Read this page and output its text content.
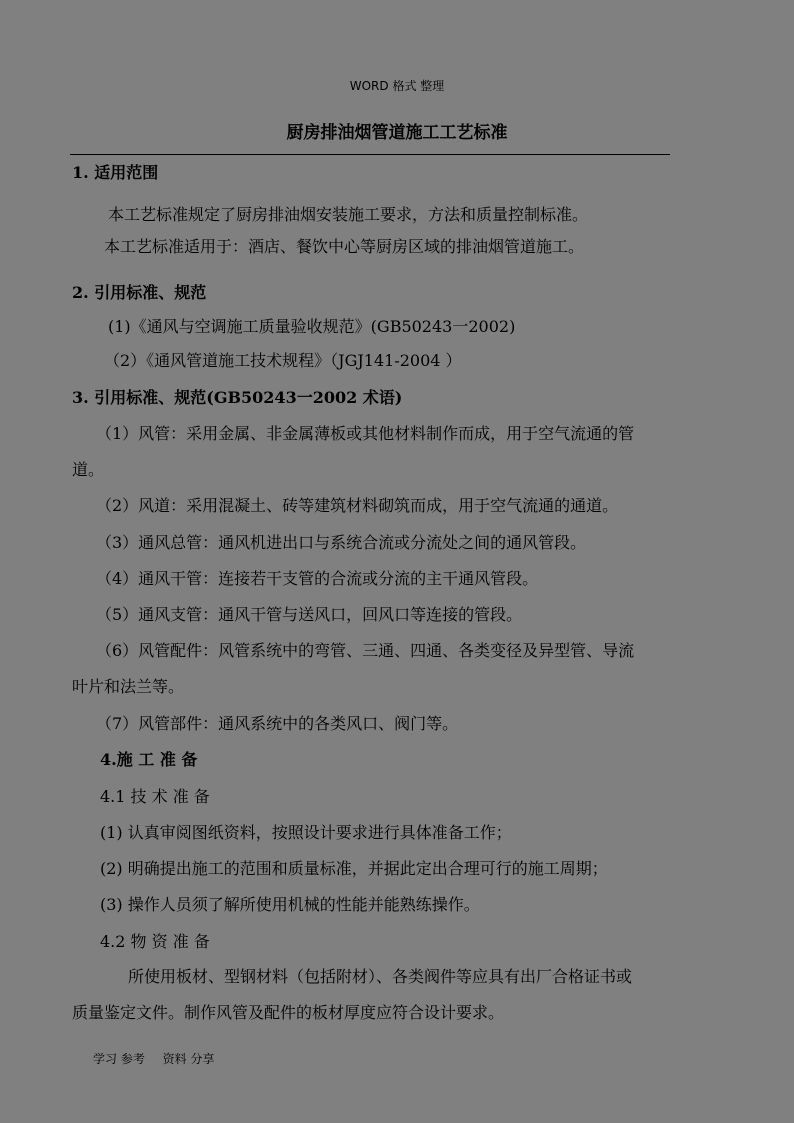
WORD 格式 整理
厨房排油烟管道施工工艺标准
1. 适用范围
本工艺标准规定了厨房排油烟安装施工要求，方法和质量控制标准。
本工艺标准适用于：酒店、餐饮中心等厨房区域的排油烟管道施工。
2. 引用标准、规范
(1)《通风与空调施工质量验收规范》(GB50243一2002)
（2）《通风管道施工技术规程》（JGJ141-2004 ）
3. 引用标准、规范(GB50243一2002 术语)
（1）风管：采用金属、非金属薄板或其他材料制作而成，用于空气流通的管
道。
（2）风道：采用混凝土、砖等建筑材料砌筑而成，用于空气流通的通道。
（3）通风总管：通风机进出口与系统合流或分流处之间的通风管段。
（4）通风干管：连接若干支管的合流或分流的主干通风管段。
（5）通风支管：通风干管与送风口，回风口等连接的管段。
（6）风管配件：风管系统中的弯管、三通、四通、各类变径及异型管、导流
叶片和法兰等。
（7）风管部件：通风系统中的各类风口、阀门等。
4.施 工 准 备
4.1 技 术 准 备
(1) 认真审阅图纸资料，按照设计要求进行具体准备工作；
(2) 明确提出施工的范围和质量标准，并据此定出合理可行的施工周期；
(3) 操作人员须了解所使用机械的性能并能熟练操作。
4.2 物 资 准 备
所使用板材、型钢材料（包括附材）、各类阀件等应具有出厂合格证书或
质量鉴定文件。制作风管及配件的板材厚度应符合设计要求。
学习 参考 资料 分享
